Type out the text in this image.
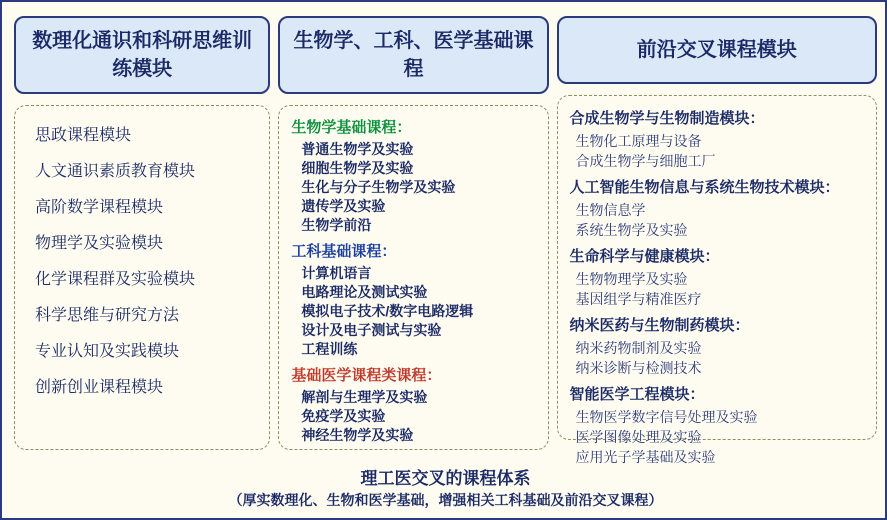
数理化通识和科研思维训练模块
思政课程模块
人文通识素质教育模块
高阶数学课程模块
物理学及实验模块
化学课程群及实验模块
科学思维与研究方法
专业认知及实践模块
创新创业课程模块
生物学、工科、医学基础课程
生物学基础课程：
普通生物学及实验
细胞生物学及实验
生化与分子生物学及实验
遗传学及实验
生物学前沿
工科基础课程：
计算机语言
电路理论及测试实验
模拟电子技术/数字电路逻辑
设计及电子测试与实验
工程训练
基础医学课程类课程：
解剖与生理学及实验
免疫学及实验
神经生物学及实验
前沿交叉课程模块
合成生物学与生物制造模块：
生物化工原理与设备
合成生物学与细胞工厂
人工智能生物信息与系统生物技术模块：
生物信息学
系统生物学及实验
生命科学与健康模块：
生物物理学及实验
基因组学与精准医疗
纳米医药与生物制药模块：
纳米药物制剂及实验
纳米诊断与检测技术
智能医学工程模块：
生物医学数字信号处理及实验
医学图像处理及实验
应用光子学基础及实验
理工医交叉的课程体系
（厚实数理化、生物和医学基础，增强相关工科基础及前沿交叉课程）
